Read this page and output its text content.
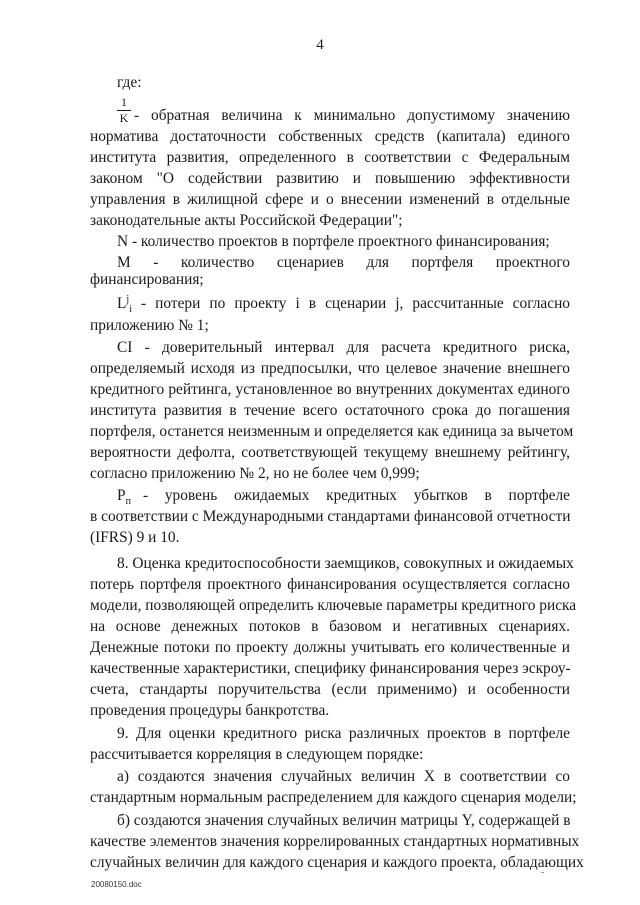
4
где:
1
K - обратная величина к минимально допустимому значению
норматива достаточности собственных средств (капитала) единого
института развития, определенного в соответствии с Федеральным
законом "О содействии развитию и повышению эффективности
управления в жилищной сфере и о внесении изменений в отдельные
законодательные акты Российской Федерации";
N - количество проектов в портфеле проектного финансирования;
M - количество сценариев для портфеля проектного
финансирования;
$L^j_i$ - потери по проекту i в сценарии j, рассчитанные согласно
приложению № 1;
CI - доверительный интервал для расчета кредитного риска,
определяемый исходя из предпосылки, что целевое значение внешнего
кредитного рейтинга, установленное во внутренних документах единого
института развития в течение всего остаточного срока до погашения
портфеля, останется неизменным и определяется как единица за вычетом
вероятности дефолта, соответствующей текущему внешнему рейтингу,
согласно приложению № 2, но не более чем 0,999;
$P_п$ - уровень ожидаемых кредитных убытков в портфеле
в соответствии с Международными стандартами финансовой отчетности
(IFRS) 9 и 10.
8. Оценка кредитоспособности заемщиков, совокупных и ожидаемых
потерь портфеля проектного финансирования осуществляется согласно
модели, позволяющей определить ключевые параметры кредитного риска
на основе денежных потоков в базовом и негативных сценариях.
Денежные потоки по проекту должны учитывать его количественные и
качественные характеристики, специфику финансирования через эскроу-
счета, стандарты поручительства (если применимо) и особенности
проведения процедуры банкротства.
9. Для оценки кредитного риска различных проектов в портфеле
рассчитывается корреляция в следующем порядке:
а) создаются значения случайных величин X в соответствии со
стандартным нормальным распределением для каждого сценария модели;
б) создаются значения случайных величин матрицы Y, содержащей в
качестве элементов значения коррелированных стандартных нормативных
случайных величин для каждого сценария и каждого проекта, обладающих
20080150.doc
